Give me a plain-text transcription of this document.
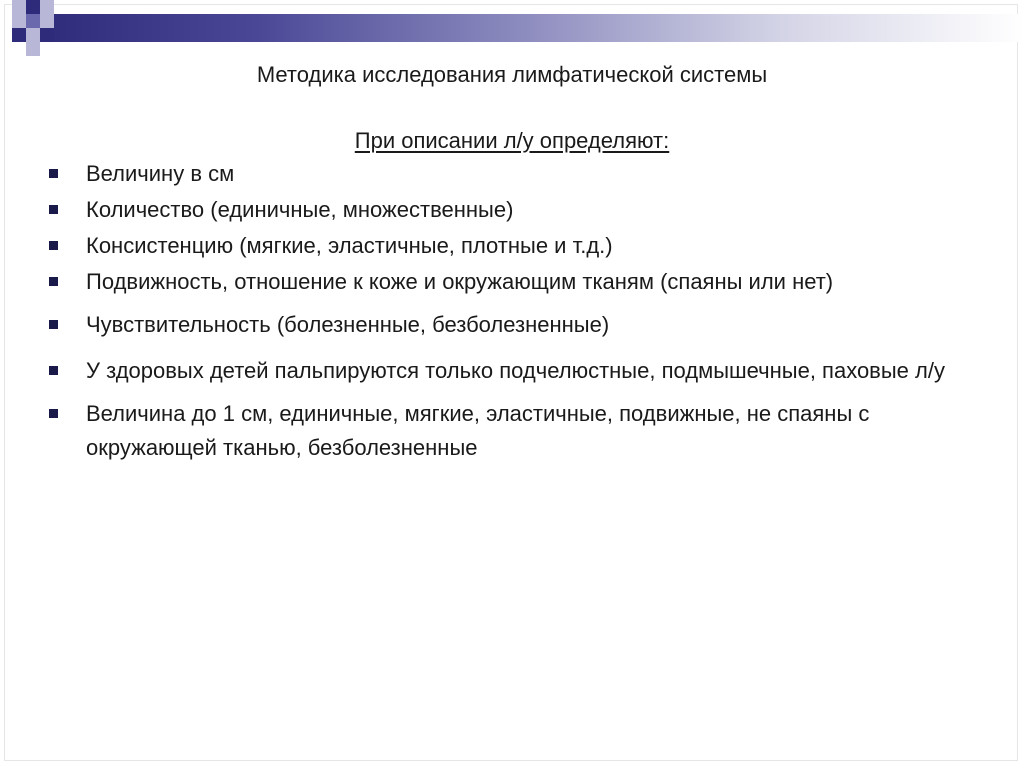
Методика исследования лимфатической системы
При описании л/у определяют:
Величину в см
Количество (единичные, множественные)
Консистенцию (мягкие, эластичные, плотные и т.д.)
Подвижность, отношение к коже и окружающим тканям (спаяны или нет)
Чувствительность (болезненные, безболезненные)
У здоровых детей пальпируются только подчелюстные, подмышечные, паховые л/у
Величина до 1 см, единичные, мягкие, эластичные, подвижные, не спаяны с окружающей тканью, безболезненные
